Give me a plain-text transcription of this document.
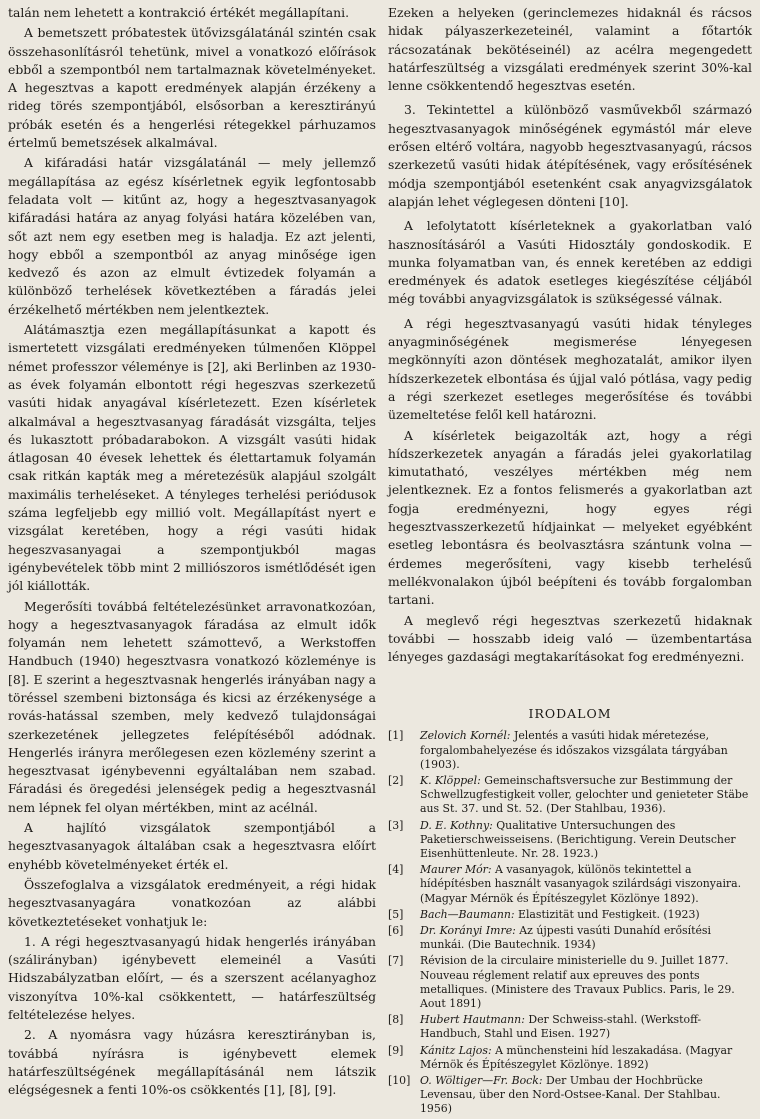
talán nem lehetett a kontrakció értékét megállapítani.

A bemetszett próbatestek ütővizsgálatánál szintén csak összehasonlításról tehetünk, mivel a vonatkozó előírások ebből a szempontból nem tartalmaznak követelményeket. A hegesztvas a kapott eredmények alapján érzékeny a rideg törés szempontjából, elsősorban a keresztirányú próbák esetén és a hengerlési rétegekkel párhuzamos értelmű bemetszések alkalmával.

A kifáradási határ vizsgálatánál — mely jellemző megállapítása az egész kísérletnek egyik legfontosabb feladata volt — kitűnt az, hogy a hegesztvasanyagok kifáradási határa az anyag folyási határa közelében van, sőt azt nem egy esetben meg is haladja. Ez azt jelenti, hogy ebből a szempontból az anyag minősége igen kedvező és azon az elmult évtizedek folyamán a különböző terhelések következtében a fáradás jelei érzékelhető mértékben nem jelentkeztek.

Alátámasztja ezen megállapításunkat a kapott és ismertetett vizsgálati eredményeken túlmenően Klöppel német professzor véleménye is [2], aki Berlinben az 1930-as évek folyamán elbontott régi hegeszvas szerkezetű vasúti hidak anyagával kísérletezett. Ezen kísérletek alkalmával a hegesztvasanyag fáradását vizsgálta, teljes és lukasztott próbadarabokon. A vizsgált vasúti hidak átlagosan 40 évesek lehettek és élettartamuk folyamán csak ritkán kapták meg a méretezésük alapjául szolgált maximális terheléseket. A tényleges terhelési periódusok száma legfeljebb egy millió volt. Megállapítást nyert e vizsgálat keretében, hogy a régi vasúti hidak hegeszvasanyagai a szempontjukból magas igénybevételek több mint 2 milliószoros ismétlődését igen jól kiállották.

Megerősíti továbbá feltételezésünket arravonatkozóan, hogy a hegesztvasanyagok fáradása az elmult idők folyamán nem lehetett számottevő, a Werkstoffen Handbuch (1940) hegesztvasra vonatkozó közleménye is [8]. E szerint a hegesztvasnak hengerlés irányában nagy a töréssel szembeni biztonsága és kicsi az érzékenysége a rovás-hatással szemben, mely kedvező tulajdonságai szerkezetének jellegzetes felépítéséből adódnak. Hengerlés irányra merőlegesen ezen közlemény szerint a hegesztvasat igénybevenni egyáltalában nem szabad. Fáradási és öregedési jelenségek pedig a hegesztvasnál nem lépnek fel olyan mértékben, mint az acélnál.

A hajlító vizsgálatok szempontjából a hegesztvasanyagok általában csak a hegesztvasra előírt enyhébb követelményeket érték el.

Összefoglalva a vizsgálatok eredményeit, a régi hidak hegesztvasanyagára vonatkozóan az alábbi következtetéseket vonhatjuk le:

1. A régi hegesztvasanyagú hidak hengerlés irányában (szálirányban) igénybevett elemeinél a Vasúti Hidszabályzatban előírt, — és a szerszent acélanyaghoz viszonyítva 10%-kal csökkentett, — határfeszültség feltételezése helyes.

2. A nyomásra vagy húzásra keresztirányban is, továbbá nyírásra is igénybevett elemek határfeszültségének megállapításánál nem látszik elégségesnek a fenti 10%-os csökkentés [1], [8], [9].

Ezeken a helyeken (gerinclemezes hidaknál és rácsos hidak pályaszerkezeteinél, valamint a főtartók rácsozatának bekötéseinél) az acélra megengedett határfeszültség a vizsgálati eredmények szerint 30%-kal lenne csökkentendő hegesztvas esetén.

3. Tekintettel a különböző vasművekből származó hegesztvasanyagok minőségének egymástól már eleve erősen eltérő voltára, nagyobb hegesztvasanyagú, rácsos szerkezetű vasúti hidak átépítésének, vagy erősítésének módja szempontjából esetenként csak anyagvizsgálatok alapján lehet véglegesen dönteni [10].

A lefolytatott kísérleteknek a gyakorlatban való hasznosításáról a Vasúti Hidosztály gondoskodik. E munka folyamatban van, és ennek keretében az eddigi eredmények és adatok esetleges kiegészítése céljából még további anyagvizsgálatok is szükségessé válnak.

A régi hegesztvasanyagú vasúti hidak tényleges anyagminőségének megismerése lényegesen megkönnyíti azon döntések meghozatalát, amikor ilyen hídszerkezetek elbontása és újjal való pótlása, vagy pedig a régi szerkezet esetleges megerősítése és további üzemeltetése felől kell határozni.

A kísérletek beigazolták azt, hogy a régi hídszerkezetek anyagán a fáradás jelei gyakorlatilag kimutatható, veszélyes mértékben még nem jelentkeznek. Ez a fontos felismerés a gyakorlatban azt fogja eredményezni, hogy egyes régi hegesztvasszerkezetű hídjainkat — melyeket egyébként esetleg lebontásra és beolvasztásra szántunk volna — érdemes megerősíteni, vagy kisebb terhelésű mellékvonalakon újból beépíteni és tovább forgalomban tartani.

A meglevő régi hegesztvas szerkezetű hidaknak további — hosszabb ideig való — üzembentartása lényeges gazdasági megtakarításokat fog eredményezni.

IRODALOM
[1]	Zelovich Kornél: Jelentés a vasúti hidak méretezése, forgalombahelyezése és időszakos vizsgálata tárgyában (1903).
[2]	K. Klöppel: Gemeinschaftsversuche zur Bestimmung der Schwellzugfestigkeit voller, gelochter und genieteter Stäbe aus St. 37. und St. 52. (Der Stahlbau, 1936).
[3]	D. E. Kothny: Qualitative Untersuchungen des Paketierschweisseisens. (Berichtigung. Verein Deutscher Eisenhüttenleute. Nr. 28. 1923.)
[4]	Maurer Mór: A vasanyagok, különös tekintettel a hídépítésben használt vasanyagok szilárdsági viszonyaira. (Magyar Mérnök és Építészegylet Közlönye 1892).
[5]	Bach—Baumann: Elastizität und Festigkeit. (1923)
[6]	Dr. Korányi Imre: Az újpesti vasúti Dunahíd erősítési munkái. (Die Bautechnik. 1934)
[7]	Révision de la circulaire ministerielle du 9. Juillet 1877. Nouveau réglement relatif aux epreuves des ponts metalliques. (Ministere des Travaux Publics. Paris, le 29. Aout 1891)
[8]	Hubert Hautmann: Der Schweiss-stahl. (Werkstoff-Handbuch, Stahl und Eisen. 1927)
[9]	Kánitz Lajos: A münchensteini híd leszakadása. (Magyar Mérnök és Építészegylet Közlönye. 1892)
[10] O. Wöltiger—Fr. Bock: Der Umbau der Hochbrücke Levensau, über den Nord-Ostsee-Kanal. Der Stahlbau. 1956)
